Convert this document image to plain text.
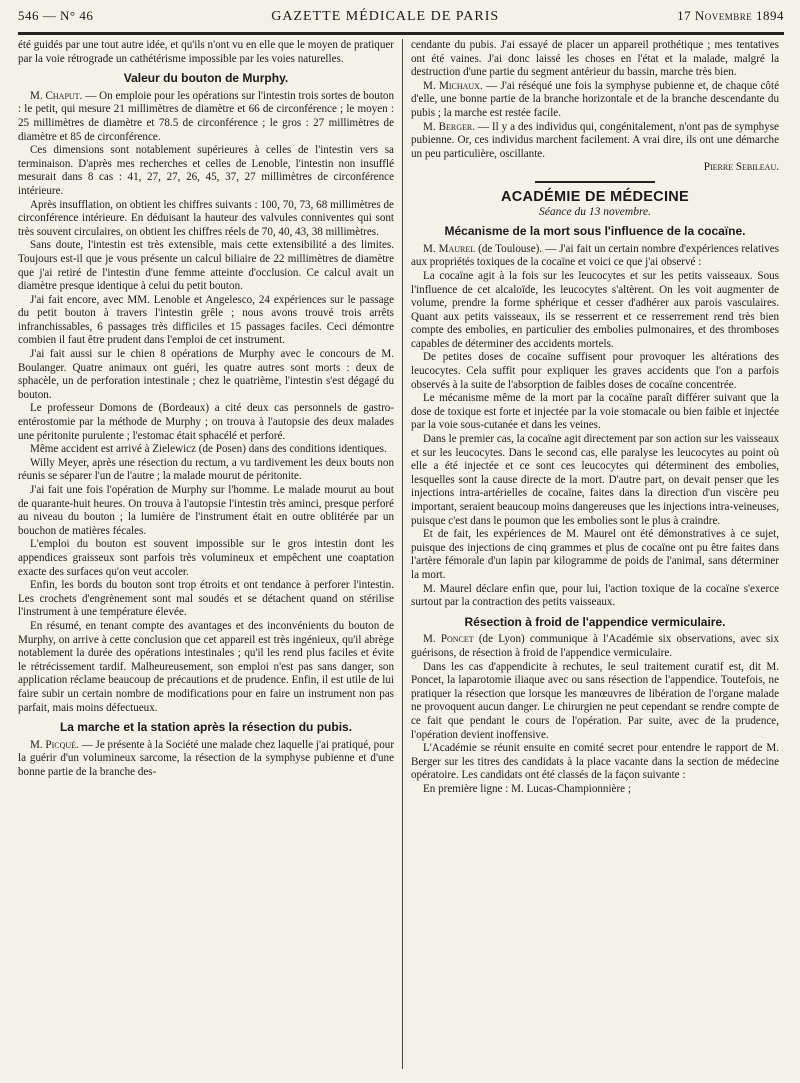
546 — N° 46	GAZETTE MÉDICALE DE PARIS	17 Novembre 1894

été guidés par une tout autre idée, et qu'ils n'ont vu en elle que le moyen de pratiquer par la voie rétrograde un cathétérisme impossible par les voies naturelles.

Valeur du bouton de Murphy.

M. Chaput. — On emploie pour les opérations sur l'intestin trois sortes de bouton : le petit, qui mesure 21 millimètres de diamètre et 66 de circonférence ; le moyen : 25 millimètres de diamètre et 78.5 de circonférence ; le gros : 27 millimètres de diamètre et 85 de circonférence.

Ces dimensions sont notablement supérieures à celles de l'intestin vers sa terminaison. D'après mes recherches et celles de Lenoble, l'intestin non insufflé mesurait dans 8 cas : 41, 27, 27, 26, 45, 37, 27 millimètres de circonférence intérieure.

Après insufflation, on obtient les chiffres suivants : 100, 70, 73, 68 millimètres de circonférence intérieure. En déduisant la hauteur des valvules conniventes qui sont très souvent circulaires, on obtient les chiffres réels de 70, 40, 43, 38 millimètres.

Sans doute, l'intestin est très extensible, mais cette extensibilité a des limites. Toujours est-il que je vous présente un calcul biliaire de 22 millimètres de diamètre que j'ai retiré de l'intestin d'une femme atteinte d'occlusion. Ce calcul avait un diamètre presque identique à celui du petit bouton.

J'ai fait encore, avec MM. Lenoble et Angelesco, 24 expériences sur le passage du petit bouton à travers l'intestin grêle ; nous avons trouvé trois arrêts infranchissables, 6 passages très difficiles et 15 passages faciles. Ceci démontre combien il faut être prudent dans l'emploi de cet instrument.

J'ai fait aussi sur le chien 8 opérations de Murphy avec le concours de M. Boulanger. Quatre animaux ont guéri, les quatre autres sont morts : deux de sphacèle, un de perforation intestinale ; chez le quatrième, l'intestin s'est dégagé du bouton.

Le professeur Domons de (Bordeaux) a cité deux cas personnels de gastro-entérostomie par la méthode de Murphy ; on trouva à l'autopsie des deux malades une péritonite purulente ; l'estomac était sphacélé et perforé.

Même accident est arrivé à Zielewicz (de Posen) dans des conditions identiques.

Willy Meyer, après une résection du rectum, a vu tardivement les deux bouts non réunis se séparer l'un de l'autre ; la malade mourut de péritonite.

J'ai fait une fois l'opération de Murphy sur l'homme. Le malade mourut au bout de quarante-huit heures. On trouva à l'autopsie l'intestin très aminci, presque perforé au niveau du bouton ; la lumière de l'instrument était en outre oblitérée par un bouchon de matières fécales.

L'emploi du bouton est souvent impossible sur le gros intestin dont les appendices graisseux sont parfois très volumineux et empêchent une coaptation exacte des surfaces qu'on veut accoler.

Enfin, les bords du bouton sont trop étroits et ont tendance à perforer l'intestin. Les crochets d'engrènement sont mal soudés et se détachent quand on stérilise l'instrument à une température élevée.

En résumé, en tenant compte des avantages et des inconvénients du bouton de Murphy, on arrive à cette conclusion que cet appareil est très ingénieux, qu'il abrège notablement la durée des opérations intestinales ; qu'il les rend plus faciles et évite le rétrécissement tardif. Malheureusement, son emploi n'est pas sans danger, son application réclame beaucoup de précautions et de prudence. Enfin, il est utile de lui faire subir un certain nombre de modifications pour en faire un instrument non pas parfait, mais moins défectueux.

La marche et la station après la résection du pubis.

M. Picqué. — Je présente à la Société une malade chez laquelle j'ai pratiqué, pour la guérir d'un volumineux sarcome, la résection de la symphyse pubienne et d'une bonne partie de la branche des-

cendante du pubis. J'ai essayé de placer un appareil prothétique ; mes tentatives ont été vaines. J'ai donc laissé les choses en l'état et la malade, malgré la destruction d'une partie du segment antérieur du bassin, marche très bien.

M. Michaux. — J'ai réséqué une fois la symphyse pubienne et, de chaque côté d'elle, une bonne partie de la branche horizontale et de la branche descendante du pubis ; la marche est restée facile.

M. Berger. — Il y a des individus qui, congénitalement, n'ont pas de symphyse pubienne. Or, ces individus marchent facilement. A vrai dire, ils ont une démarche un peu particulière, oscillante.

Pierre Sebileau.

ACADÉMIE DE MÉDECINE
Séance du 13 novembre.
Mécanisme de la mort sous l'influence de la cocaïne.

M. Maurel (de Toulouse). — J'ai fait un certain nombre d'expériences relatives aux propriétés toxiques de la cocaïne et voici ce que j'ai observé :

La cocaïne agit à la fois sur les leucocytes et sur les petits vaisseaux. Sous l'influence de cet alcaloïde, les leucocytes s'altèrent. On les voit augmenter de volume, prendre la forme sphérique et cesser d'adhérer aux parois vasculaires. Quant aux petits vaisseaux, ils se resserrent et ce resserrement rend très bien compte des embolies, en particulier des embolies pulmonaires, et des thromboses capables de déterminer des accidents mortels.

De petites doses de cocaïne suffisent pour provoquer les altérations des leucocytes. Cela suffit pour expliquer les graves accidents que l'on a parfois observés à la suite de l'absorption de faibles doses de cocaïne concentrée.

Le mécanisme même de la mort par la cocaïne paraît différer suivant que la dose de toxique est forte et injectée par la voie stomacale ou bien faible et injectée par la voie sous-cutanée et dans les veines.

Dans le premier cas, la cocaïne agit directement par son action sur les vaisseaux et sur les leucocytes. Dans le second cas, elle paralyse les leucocytes au point où elle a été injectée et ce sont ces leucocytes qui déterminent des embolies, lesquelles sont la cause directe de la mort. D'autre part, on devait penser que les injections intra-artérielles de cocaïne, faites dans la direction d'un viscère peu important, seraient beaucoup moins dangereuses que les injections intra-veineuses, puisque c'est dans le poumon que les embolies sont le plus à craindre.

Et de fait, les expériences de M. Maurel ont été démonstratives à ce sujet, puisque des injections de cinq grammes et plus de cocaïne ont pu être faites dans l'artère fémorale d'un lapin par kilogramme de poids de l'animal, sans déterminer la mort.

M. Maurel déclare enfin que, pour lui, l'action toxique de la cocaïne s'exerce surtout par la contraction des petits vaisseaux.

Résection à froid de l'appendice vermiculaire.

M. Poncet (de Lyon) communique à l'Académie six observations, avec six guérisons, de résection à froid de l'appendice vermiculaire.

Dans les cas d'appendicite à rechutes, le seul traitement curatif est, dit M. Poncet, la laparotomie iliaque avec ou sans résection de l'appendice. Toutefois, ne pratiquer la résection que lorsque les manœuvres de libération de l'organe malade ne provoquent aucun danger. Le chirurgien ne peut cependant se rendre compte de ce fait que pendant le cours de l'opération. Par suite, avec de la prudence, l'opération devient inoffensive.

L'Académie se réunit ensuite en comité secret pour entendre le rapport de M. Berger sur les titres des candidats à la place vacante dans la section de médecine opératoire. Les candidats ont été classés de la façon suivante :

En première ligne : M. Lucas-Championnière ;
